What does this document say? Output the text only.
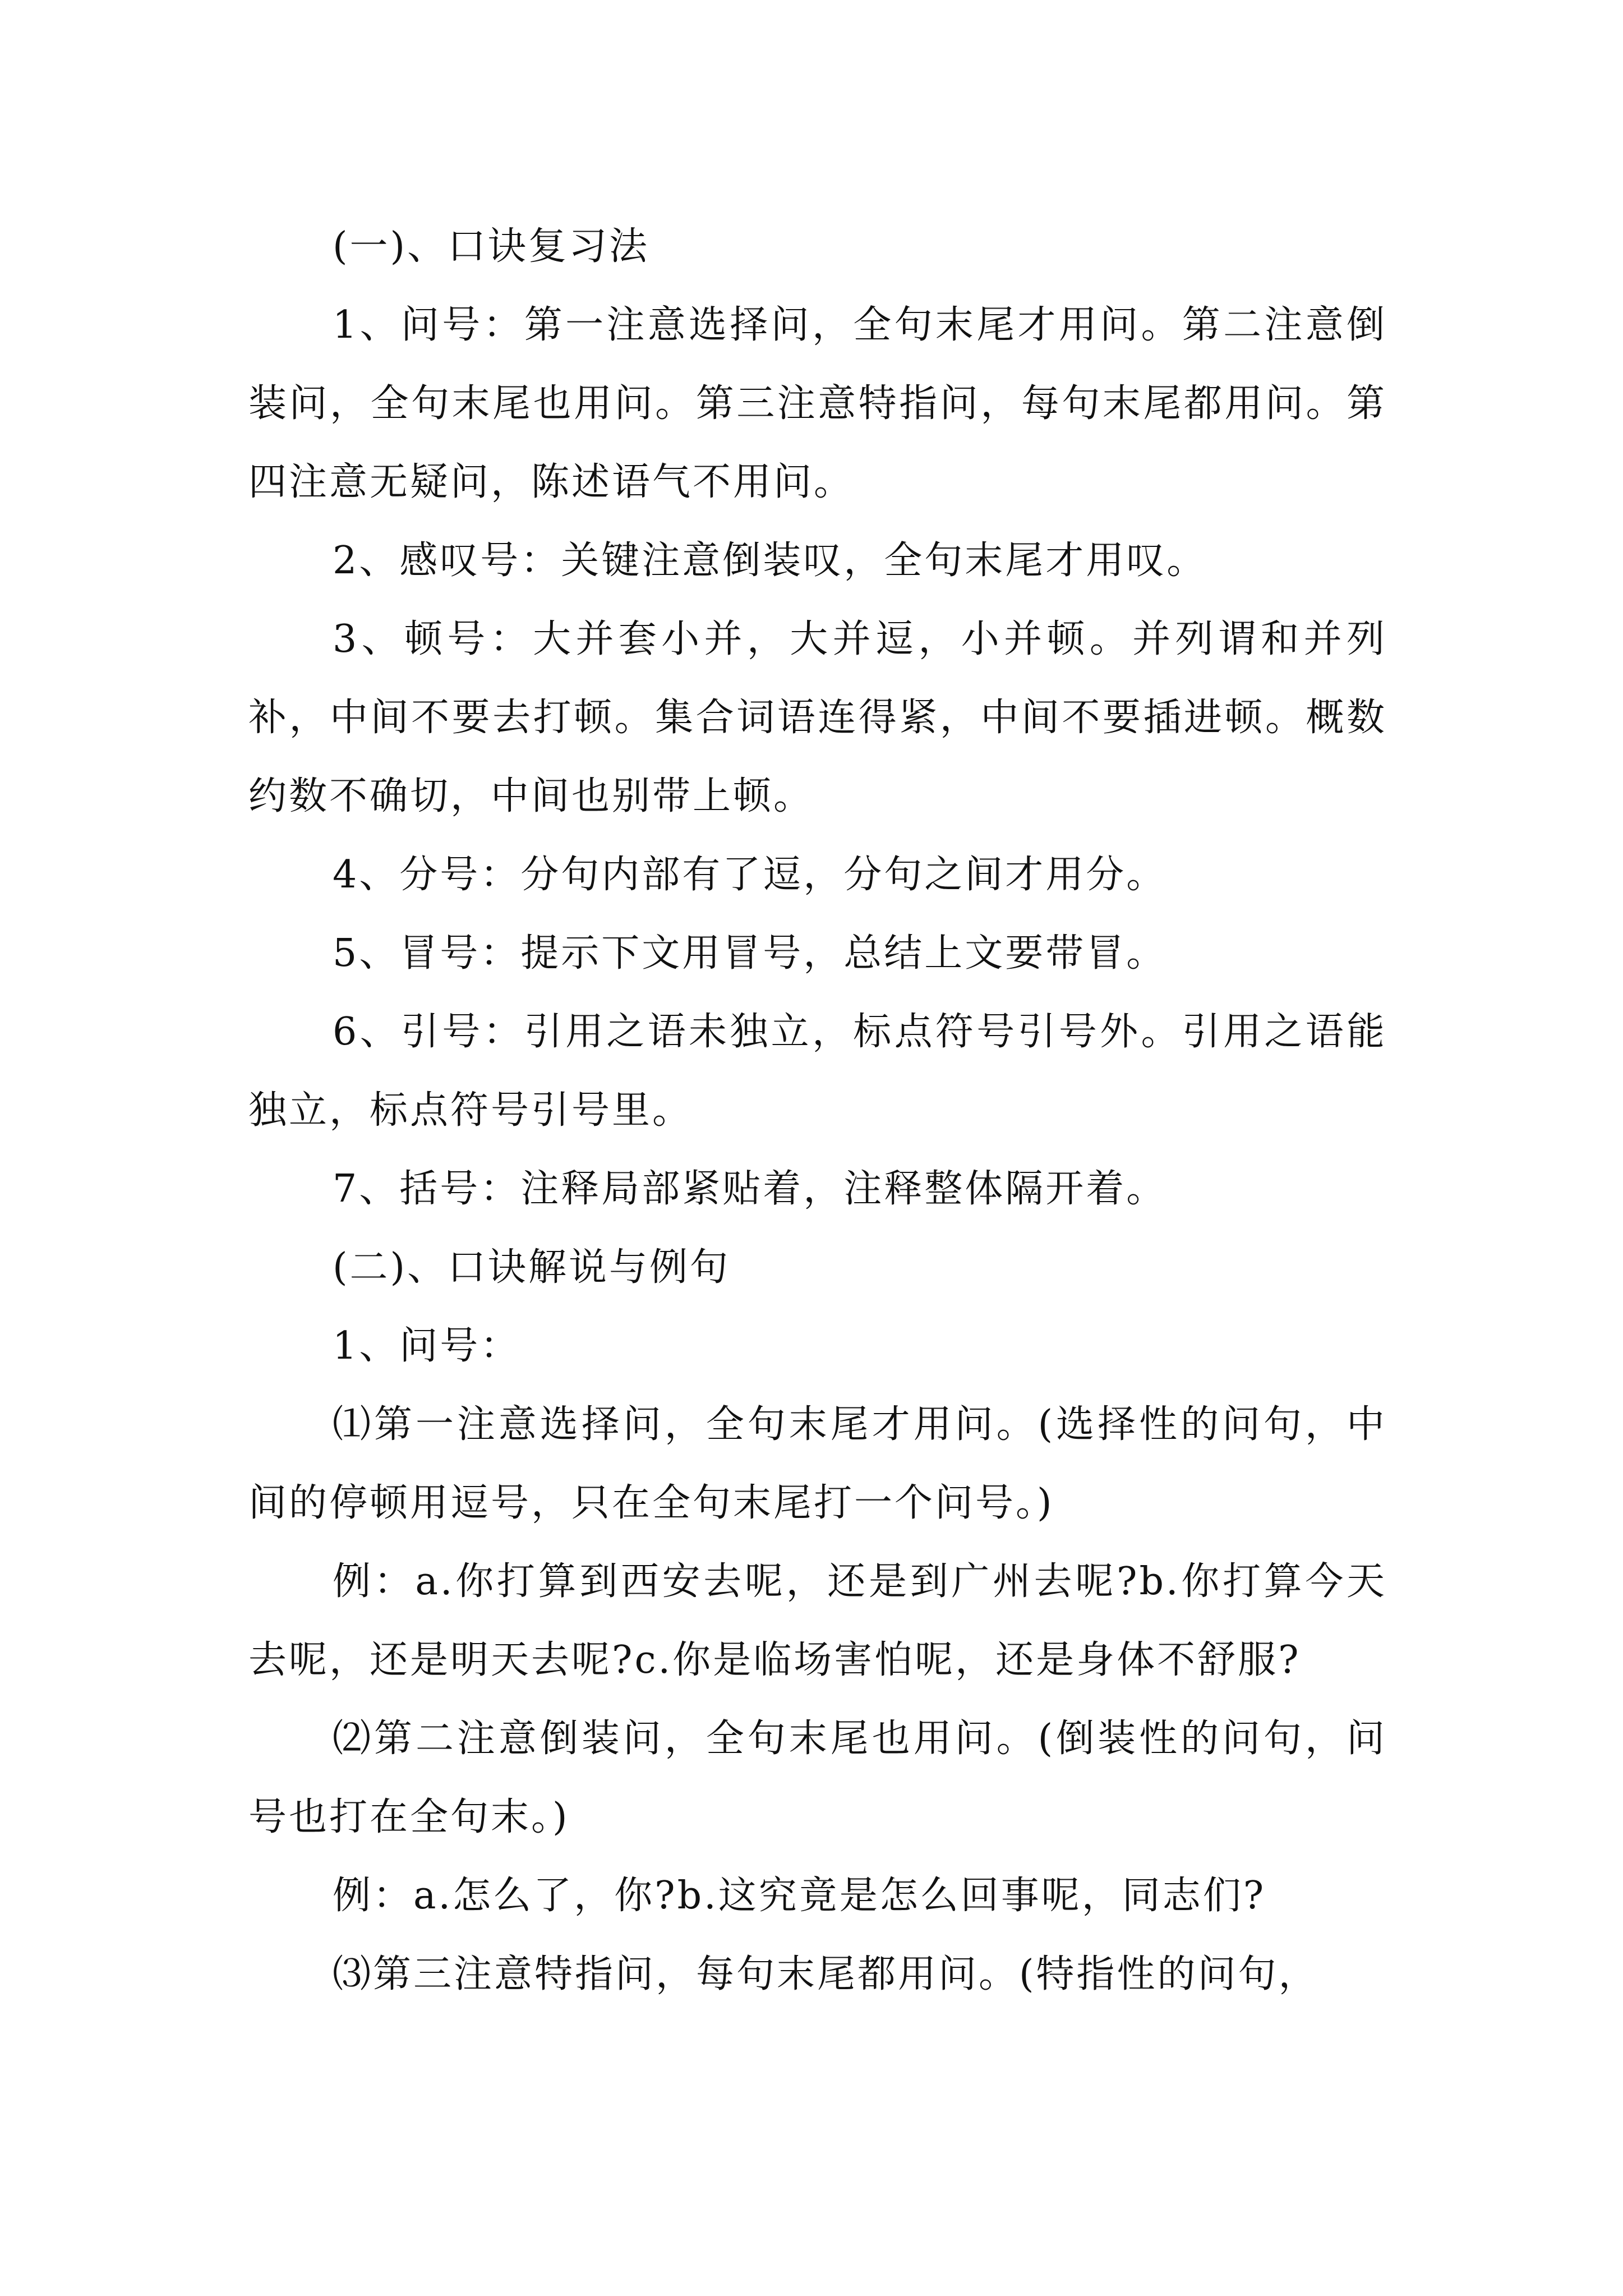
(一)、口诀复习法

1、问号：第一注意选择问，全句末尾才用问。第二注意倒装问，全句末尾也用问。第三注意特指问，每句末尾都用问。第四注意无疑问，陈述语气不用问。

2、感叹号：关键注意倒装叹，全句末尾才用叹。

3、顿号：大并套小并，大并逗，小并顿。并列谓和并列补，中间不要去打顿。集合词语连得紧，中间不要插进顿。概数约数不确切，中间也别带上顿。

4、分号：分句内部有了逗，分句之间才用分。

5、冒号：提示下文用冒号，总结上文要带冒。

6、引号：引用之语未独立，标点符号引号外。引用之语能独立，标点符号引号里。

7、括号：注释局部紧贴着，注释整体隔开着。

(二)、口诀解说与例句

1、问号：

⑴第一注意选择问，全句末尾才用问。(选择性的问句，中间的停顿用逗号，只在全句末尾打一个问号。)

例：a.你打算到西安去呢，还是到广州去呢?b.你打算今天去呢，还是明天去呢?c.你是临场害怕呢，还是身体不舒服?

⑵第二注意倒装问，全句末尾也用问。(倒装性的问句，问号也打在全句末。)

例：a.怎么了，你?b.这究竟是怎么回事呢，同志们?

⑶第三注意特指问，每句末尾都用问。(特指性的问句，
